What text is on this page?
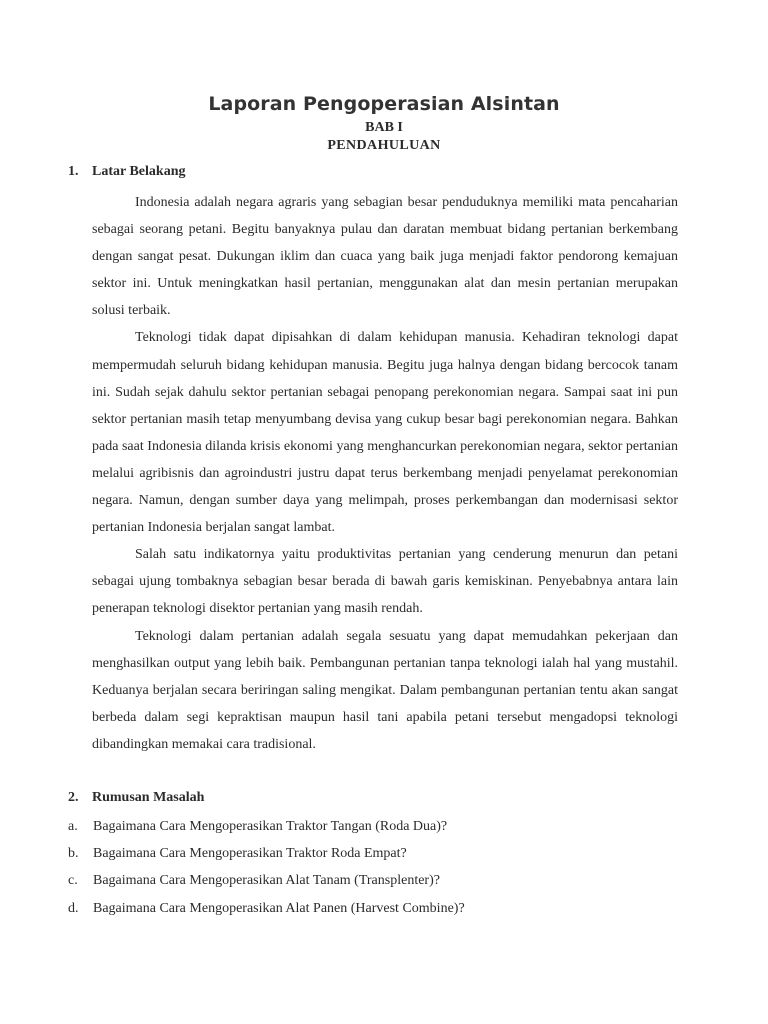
Laporan Pengoperasian Alsintan
BAB I
PENDAHULUAN
1. Latar Belakang

Indonesia adalah negara agraris yang sebagian besar penduduknya memiliki mata pencaharian sebagai seorang petani. Begitu banyaknya pulau dan daratan membuat bidang pertanian berkembang dengan sangat pesat. Dukungan iklim dan cuaca yang baik juga menjadi faktor pendorong kemajuan sektor ini. Untuk meningkatkan hasil pertanian, menggunakan alat dan mesin pertanian merupakan solusi terbaik.

Teknologi tidak dapat dipisahkan di dalam kehidupan manusia. Kehadiran teknologi dapat mempermudah seluruh bidang kehidupan manusia. Begitu juga halnya dengan bidang bercocok tanam ini. Sudah sejak dahulu sektor pertanian sebagai penopang perekonomian negara. Sampai saat ini pun sektor pertanian masih tetap menyumbang devisa yang cukup besar bagi perekonomian negara. Bahkan pada saat Indonesia dilanda krisis ekonomi yang menghancurkan perekonomian negara, sektor pertanian melalui agribisnis dan agroindustri justru dapat terus berkembang menjadi penyelamat perekonomian negara. Namun, dengan sumber daya yang melimpah, proses perkembangan dan modernisasi sektor pertanian Indonesia berjalan sangat lambat.

Salah satu indikatornya yaitu produktivitas pertanian yang cenderung menurun dan petani sebagai ujung tombaknya sebagian besar berada di bawah garis kemiskinan. Penyebabnya antara lain penerapan teknologi disektor pertanian yang masih rendah.

Teknologi dalam pertanian adalah segala sesuatu yang dapat memudahkan pekerjaan dan menghasilkan output yang lebih baik. Pembangunan pertanian tanpa teknologi ialah hal yang mustahil. Keduanya berjalan secara beriringan saling mengikat. Dalam pembangunan pertanian tentu akan sangat berbeda dalam segi kepraktisan maupun hasil tani apabila petani tersebut mengadopsi teknologi dibandingkan memakai cara tradisional.

2. Rumusan Masalah
a. Bagaimana Cara Mengoperasikan Traktor Tangan (Roda Dua)?
b. Bagaimana Cara Mengoperasikan Traktor Roda Empat?
c. Bagaimana Cara Mengoperasikan Alat Tanam (Transplenter)?
d. Bagaimana Cara Mengoperasikan Alat Panen (Harvest Combine)?
